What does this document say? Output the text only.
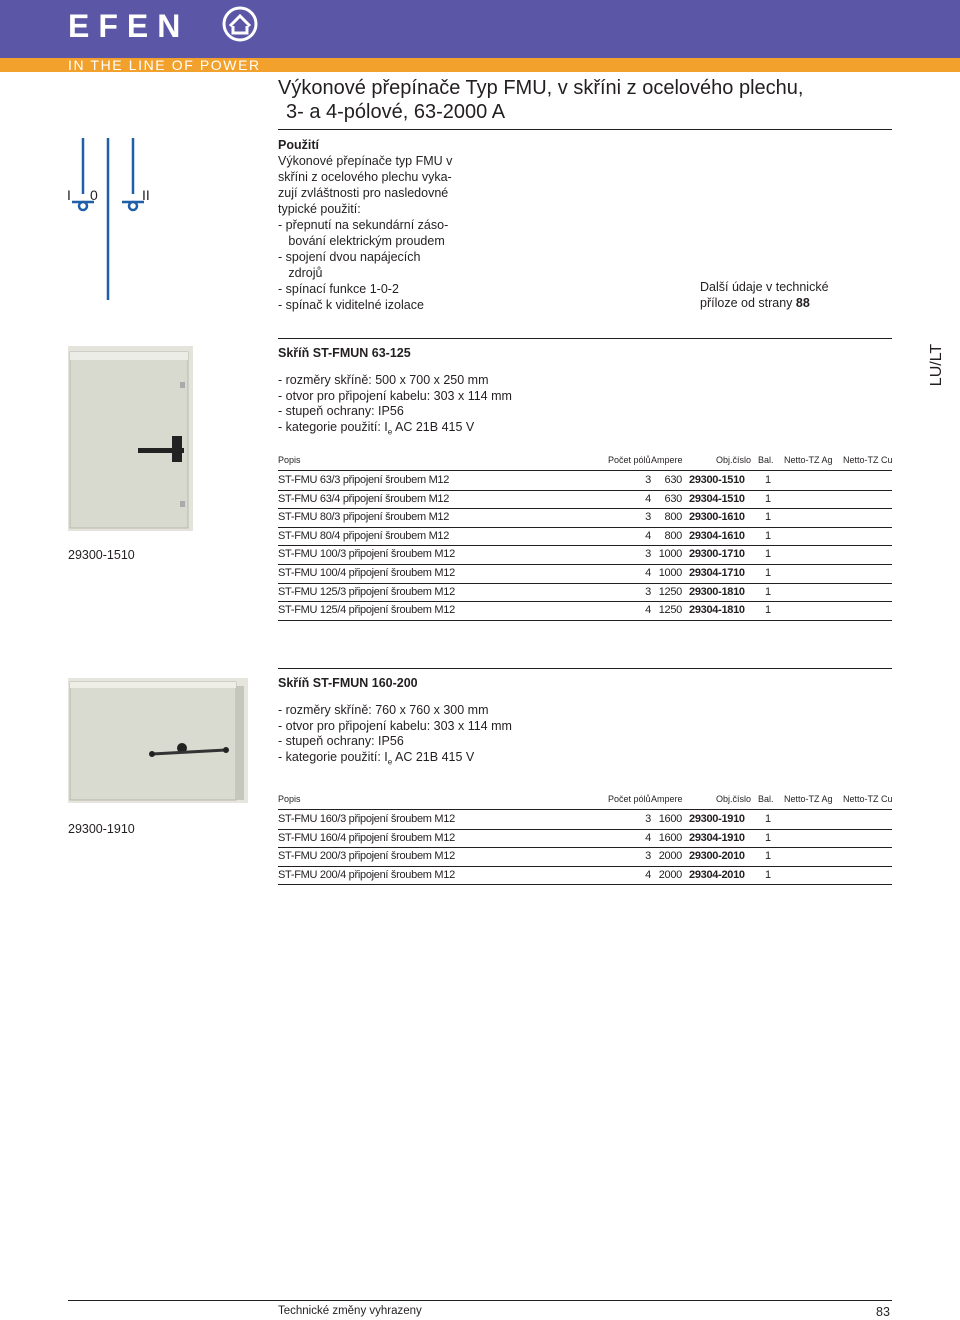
EFEN
IN THE LINE OF POWER
Výkonové přepínače Typ FMU, v skříni z ocelového plechu,
3- a 4-pólové, 63-2000 A
I 0	II
Použití
Výkonové přepínače typ FMU v
skříni z ocelového plechu vyka-
zují zvláštnosti pro nasledovné
typické použití:
- přepnutí na sekundární záso-
bování elektrickým proudem
- spojení dvou napájecích
zdrojů
- spínací funkce 1-0-2
- spínač k viditelné izolace
Další údaje v technické
příloze od strany 88
LU/LT
29300-1510
Skříň ST-FMUN 63-125
- rozměry skříně: 500 x 700 x 250 mm
- otvor pro připojení kabelu: 303 x 114 mm
- stupeň ochrany: IP56
- kategorie použití: $I_e$ AC 21B 415 V
Popis	Počet pólů Ampere	Obj.číslo Bal. Netto-TZ Ag Netto-TZ Cu
ST-FMU 63/3 připojení šroubem M12	3	630 29300-1510 1
ST-FMU 63/4 připojení šroubem M12	4	630 29304-1510 1
ST-FMU 80/3 připojení šroubem M12	3	800 29300-1610 1
ST-FMU 80/4 připojení šroubem M12	4	800 29304-1610 1
ST-FMU 100/3 připojení šroubem M12	3 1000 29300-1710 1
ST-FMU 100/4 připojení šroubem M12	4 1000 29304-1710 1
ST-FMU 125/3 připojení šroubem M12	3 1250 29300-1810 1
ST-FMU 125/4 připojení šroubem M12	4 1250 29304-1810 1
29300-1910
Skříň ST-FMUN 160-200
- rozměry skříně: 760 x 760 x 300 mm
- otvor pro připojení kabelu: 303 x 114 mm
- stupeň ochrany: IP56
- kategorie použití: $I_e$ AC 21B 415 V
Popis	Počet pólů Ampere	Obj.číslo Bal. Netto-TZ Ag Netto-TZ Cu
ST-FMU 160/3 připojení šroubem M12	3 1600 29300-1910 1
ST-FMU 160/4 připojení šroubem M12	4 1600 29304-1910 1
ST-FMU 200/3 připojení šroubem M12	3 2000 29300-2010 1
ST-FMU 200/4 připojení šroubem M12	4 2000 29304-2010 1
Technické změny vyhrazeny	83
